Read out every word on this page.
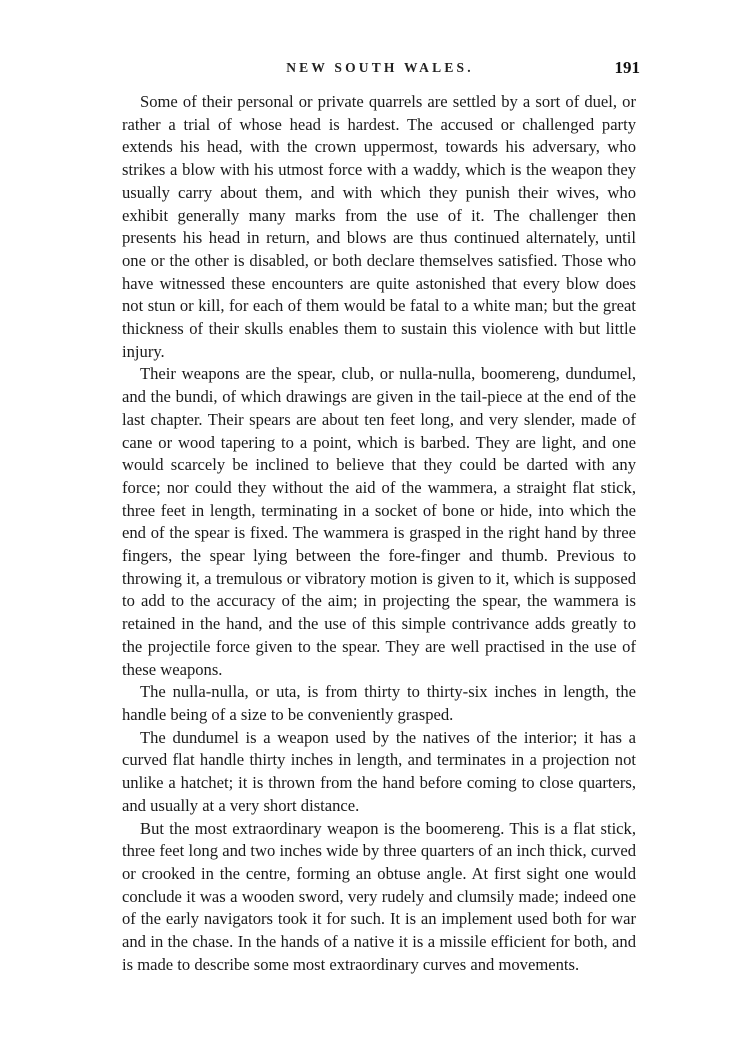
NEW SOUTH WALES.	191

Some of their personal or private quarrels are settled by a sort of duel, or rather a trial of whose head is hardest. The accused or challenged party extends his head, with the crown uppermost, towards his adversary, who strikes a blow with his utmost force with a waddy, which is the weapon they usually carry about them, and with which they punish their wives, who exhibit generally many marks from the use of it. The challenger then presents his head in return, and blows are thus continued alternately, until one or the other is disabled, or both declare themselves satisfied. Those who have witnessed these encounters are quite astonished that every blow does not stun or kill, for each of them would be fatal to a white man; but the great thickness of their skulls enables them to sustain this violence with but little injury.

Their weapons are the spear, club, or nulla-nulla, boomereng, dundumel, and the bundi, of which drawings are given in the tail-piece at the end of the last chapter. Their spears are about ten feet long, and very slender, made of cane or wood tapering to a point, which is barbed. They are light, and one would scarcely be inclined to believe that they could be darted with any force; nor could they without the aid of the wammera, a straight flat stick, three feet in length, terminating in a socket of bone or hide, into which the end of the spear is fixed. The wammera is grasped in the right hand by three fingers, the spear lying between the fore-finger and thumb. Previous to throwing it, a tremulous or vibratory motion is given to it, which is supposed to add to the accuracy of the aim; in projecting the spear, the wammera is retained in the hand, and the use of this simple contrivance adds greatly to the projectile force given to the spear. They are well practised in the use of these weapons.

The nulla-nulla, or uta, is from thirty to thirty-six inches in length, the handle being of a size to be conveniently grasped.

The dundumel is a weapon used by the natives of the interior; it has a curved flat handle thirty inches in length, and terminates in a projection not unlike a hatchet; it is thrown from the hand before coming to close quarters, and usually at a very short distance.

But the most extraordinary weapon is the boomereng. This is a flat stick, three feet long and two inches wide by three quarters of an inch thick, curved or crooked in the centre, forming an obtuse angle. At first sight one would conclude it was a wooden sword, very rudely and clumsily made; indeed one of the early navigators took it for such. It is an implement used both for war and in the chase. In the hands of a native it is a missile efficient for both, and is made to describe some most extraordinary curves and movements.
